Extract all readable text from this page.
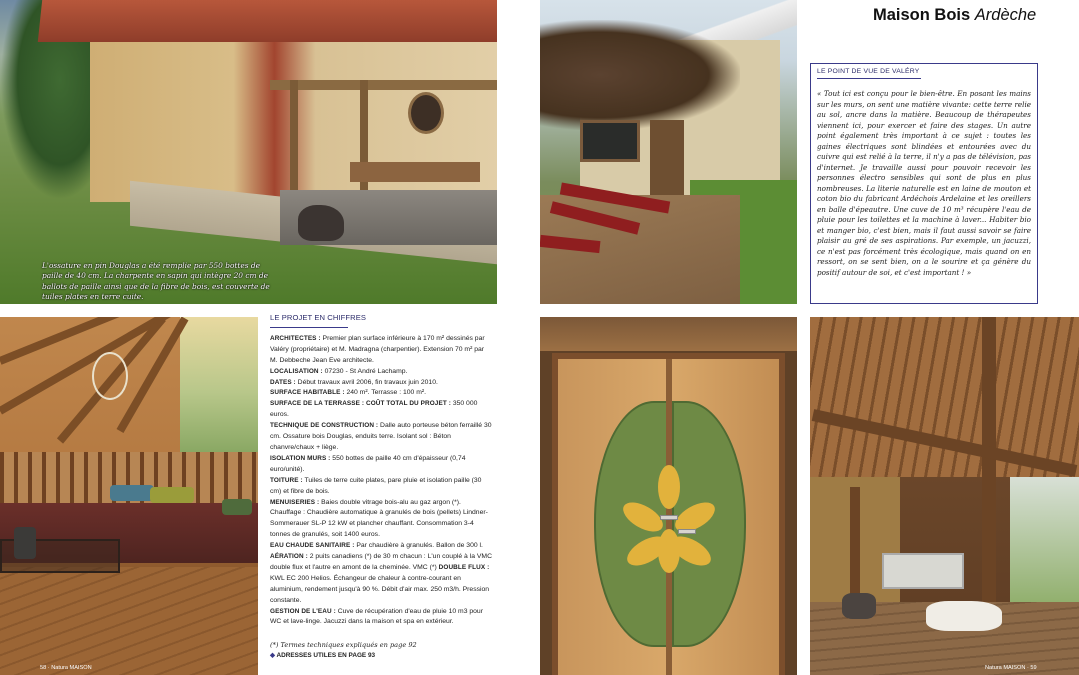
L'ossature en pin Douglas a été remplie par 550 bottes de paille de 40 cm. La charpente en sapin qui intègre 20 cm de ballots de paille ainsi que de la fibre de bois, est couverte de tuiles plates en terre cuite.
Maison Bois Ardèche
LE POINT DE VUE DE VALÉRY
« Tout ici est conçu pour le bien-être. En posant les mains sur les murs, on sent une matière vivante: cette terre relie au sol, ancre dans la matière. Beaucoup de thérapeutes viennent ici, pour exercer et faire des stages. Un autre point également très important à ce sujet : toutes les gaines électriques sont blindées et entourées avec du cuivre qui est relié à la terre, il n'y a pas de télévision, pas d'internet. Je travaille aussi pour pouvoir recevoir les personnes électro sensibles qui sont de plus en plus nombreuses. La literie naturelle est en laine de mouton et coton bio du fabricant Ardéchois Ardelaine et les oreillers en balle d'épeautre. Une cuve de 10 m³ récupère l'eau de pluie pour les toilettes et la machine à laver... Habiter bio et manger bio, c'est bien, mais il faut aussi savoir se faire plaisir au gré de ses aspirations. Par exemple, un jacuzzi, ce n'est pas forcément très écologique, mais quand on en ressort, on se sent bien, on a le sourire et ça génère du positif autour de soi, et c'est important ! »
LE PROJET EN CHIFFRES

ARCHITECTES : Premier plan surface inférieure à 170 m² dessinés par Valéry (propriétaire) et M. Madragna (charpentier). Extension 70 m² par M. Debbeche Jean Eve architecte.
LOCALISATION : 07230 - St André Lachamp.
DATES : Début travaux avril 2006, fin travaux juin 2010.
SURFACE HABITABLE : 240 m². Terrasse : 100 m².
SURFACE DE LA TERRASSE : COÛT TOTAL DU PROJET : 350 000 euros.
TECHNIQUE DE CONSTRUCTION : Dalle auto porteuse béton ferraillé 30 cm. Ossature bois Douglas, enduits terre. Isolant sol : Béton chanvre/chaux + liège.
ISOLATION MURS : 550 bottes de paille 40 cm d'épaisseur (0,74 euro/unité).
TOITURE : Tuiles de terre cuite plates, pare pluie et isolation paille (30 cm) et fibre de bois.
MENUISERIES : Baies double vitrage bois-alu au gaz argon (*). Chauffage : Chaudière automatique à granulés de bois (pellets) Lindner-Sommerauer SL-P 12 kW et plancher chauffant. Consommation 3-4 tonnes de granulés, soit 1400 euros.
EAU CHAUDE SANITAIRE : Par chaudière à granulés. Ballon de 300 l.
AÉRATION : 2 puits canadiens (*) de 30 m chacun : L'un couplé à la VMC double flux et l'autre en amont de la cheminée. VMC (*) DOUBLE FLUX : KWL EC 200 Helios. Échangeur de chaleur à contre-courant en aluminium, rendement jusqu'à 90 %. Débit d'air max. 250 m3/h. Pression constante.

GESTION DE L'EAU : Cuve de récupération d'eau de pluie 10 m3 pour WC et lave-linge. Jacuzzi dans la maison et spa en extérieur.

(*) Termes techniques expliqués en page 92

◆ ADRESSES UTILES EN PAGE 93

58 · Natura MAISON	Natura MAISON · 59
